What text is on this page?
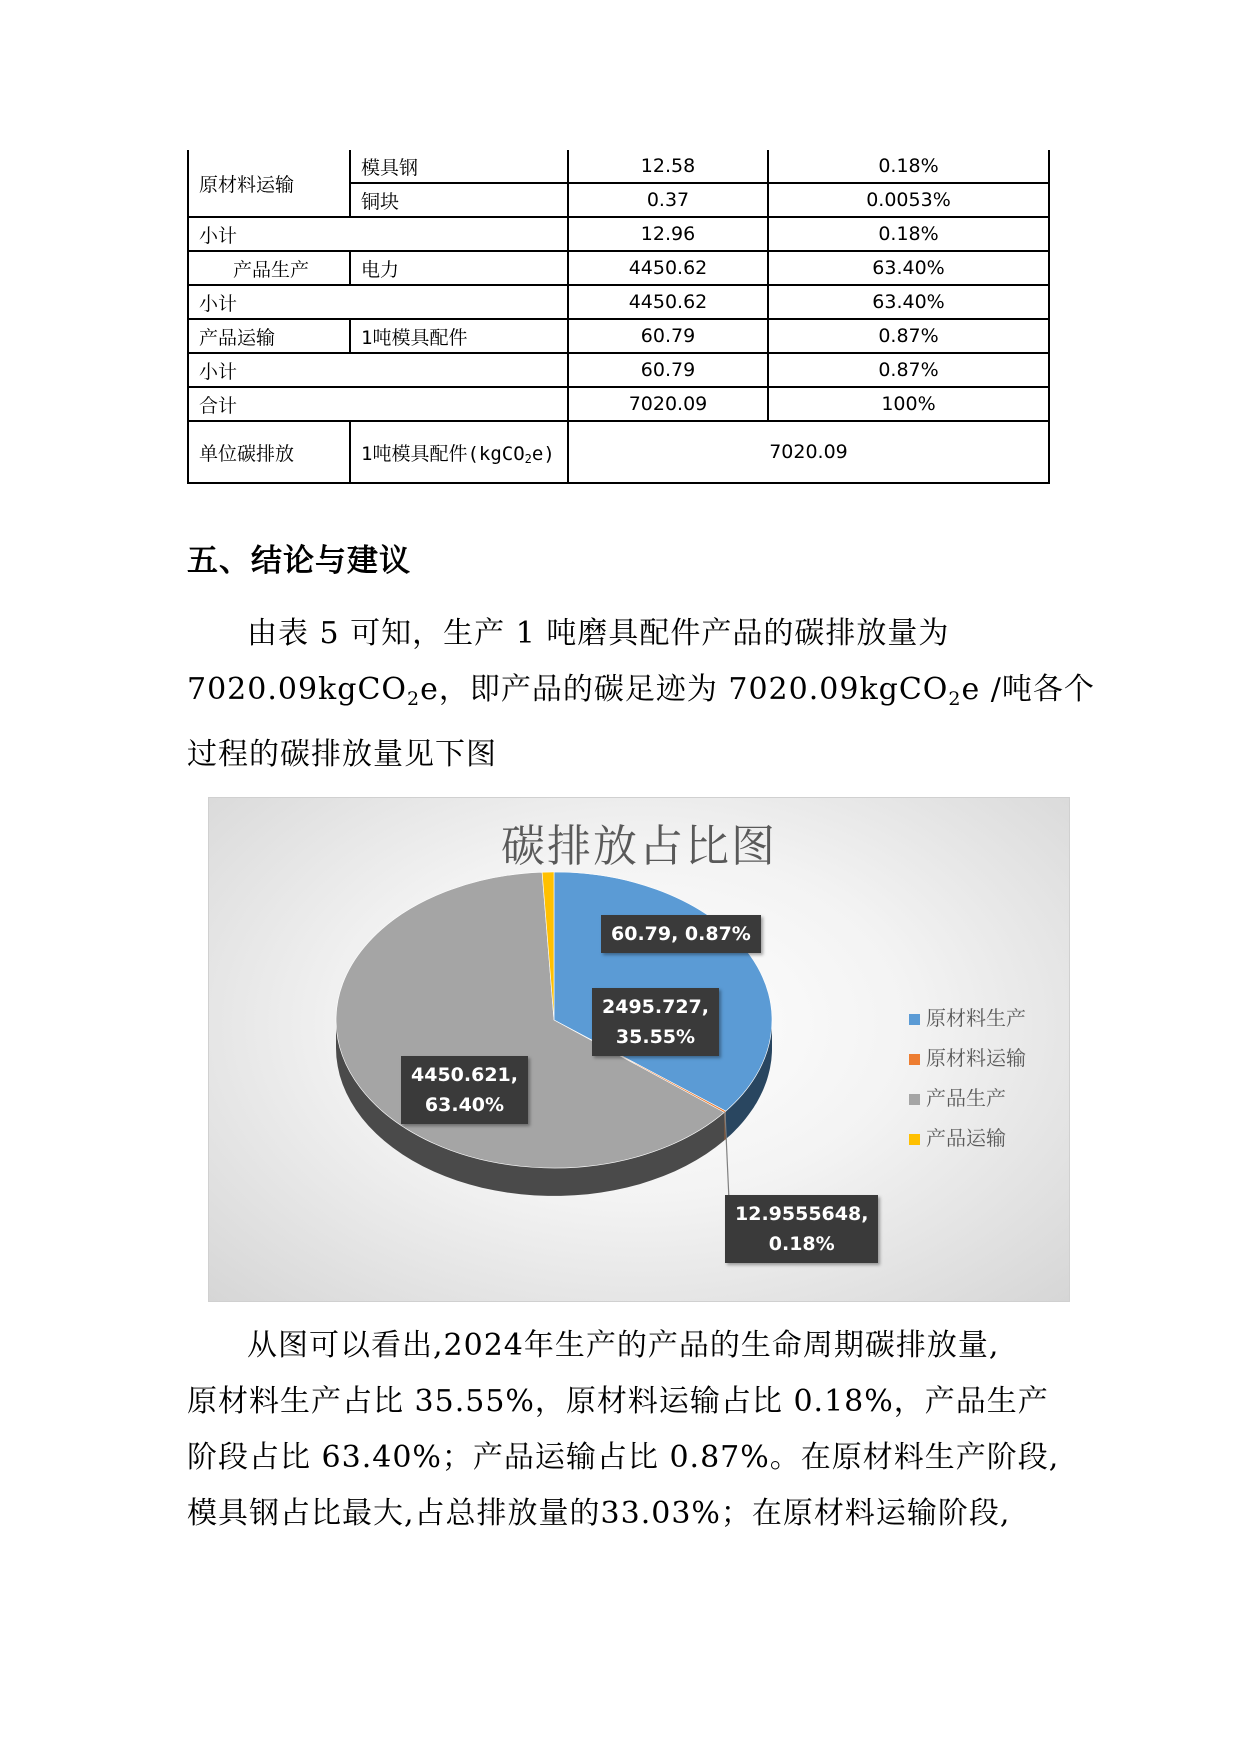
原材料运输	模具钢	12.58	0.18%
	铜块	0.37	0.0053%
小计		12.96	0.18%
产品生产	电力	4450.62	63.40%
小计		4450.62	63.40%
产品运输	1吨模具配件	60.79	0.87%
小计		60.79	0.87%
合计		7020.09	100%
单位碳排放	1吨模具配件(kgCO$_2$e)	7020.09	
五、结论与建议

由表 5 可知，生产 1 吨磨具配件产品的碳排放量为
7020.09kgCO$_2$e，即产品的碳足迹为 7020.09kgCO$_2$e /吨各个
过程的碳排放量见下图

碳排放占比图
60.79, 0.87%
2495.727,
35.55%
4450.621,
63.40%
12.9555648,
0.18%
原材料生产
原材料运输
产品生产
产品运输

从图可以看出,2024年生产的产品的生命周期碳排放量,
原材料生产占比 35.55%，原材料运输占比 0.18%，产品生产
阶段占比 63.40%；产品运输占比 0.87%。在原材料生产阶段,
模具钢占比最大,占总排放量的33.03%；在原材料运输阶段,
